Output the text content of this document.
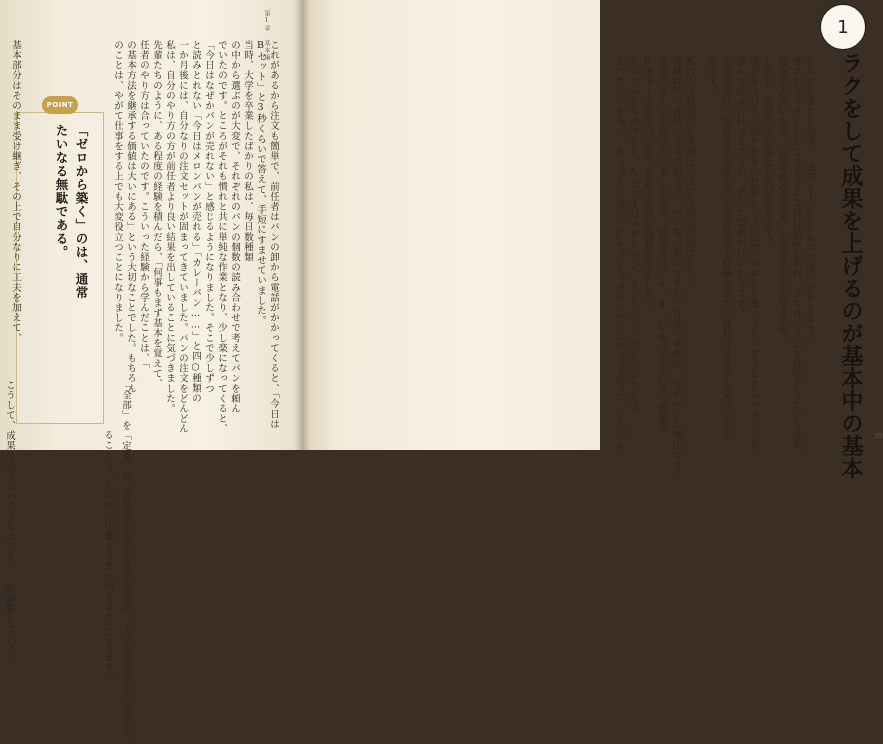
第1章 基本編
これがあるから注文も簡単で、前任者はパンの卸から電話がかかってくると、「今日は
Bセット」と3秒くらいで答えて、手短にすませていました。
当時、大学を卒業したばかりの私は、毎日数種類
の中から選ぶのが大変で、それぞれのパンの個数の読み合わせで考えてパンを頼ん
でいたのです。ところがそれも慣れと共に単純な作業となり、少し楽になってくると、
「今日はなぜかパンが売れない」と感じるようになりました。そこで少しずつ
と読みとれない「今日はメロンパンが売れる」「カレーパン……」と四○種類の
一か月後には、自分なりの注文セットが固まってきていました。パンの注文をどんどん
私は、自分のやり方の方が前任者より良い結果を出していることに気づきました。
先輩たちのように、ある程度の経験を積んだら、「何事もまず基本を覚えて、
任者のやり方は合っていたのです。こういった経験から学んだことは、「
の基本方法を継承する価値は大いにある」という大切なことでした。もちろん
のことは、やがて仕事をする上でも大変役立つことになりました。
POINT
「ゼロから築く」のは、通常
たいなる無駄である。
「全部」を「定番」に、自分で工夫して覚えた方が、ずっと効率がよいのです。
ることで、その後の仕事もうまく回るようになります。
基本部分はそのまま受け継ぎ、その上で自分なりに工夫を加えて、
こうして、成果は必ずついてくるのです。 微調整していく。
1
ラクをして成果を上げるのが基本中の基本
どんな仕事にも必ず、「成果を上げるための方法」があります。
ゼロからスタートしてさまざまな試行錯誤を重ね、より良い方法を見出そうという意気
込みの人がいたら、「仕事熱心だなあ」と思うかもしれません。
しかし、実はここに落とし穴があります。
成果を上げる方法や仕事の技術というのは、ゼロから築くより、すでにあるパターンを
盗んで組み合わせるほうが、ずっと効率がいいからです。
この真実は、私自身その後も穴から抜け出す経験の中で、遅ればせながら気づいたも
のです。
私の人生最初の仕事場は、大学生協の売店でした。
書籍以外の食品・文具の担当で、パン等の発注ですが、日常の業務の一つがパンの発注です。
注文パターンを作っていましたので、前任者は、A、B、Cセットという三種類の
Bセットで扱うパンは、おおよそ四○種類ありました。
シンプルなものでした。Aセットはメロンパン、カレーパン、アンパンなど主
だったパンが各三、Bセットは各三、Cセットはメロンパン以外は全部各二、といった	35
